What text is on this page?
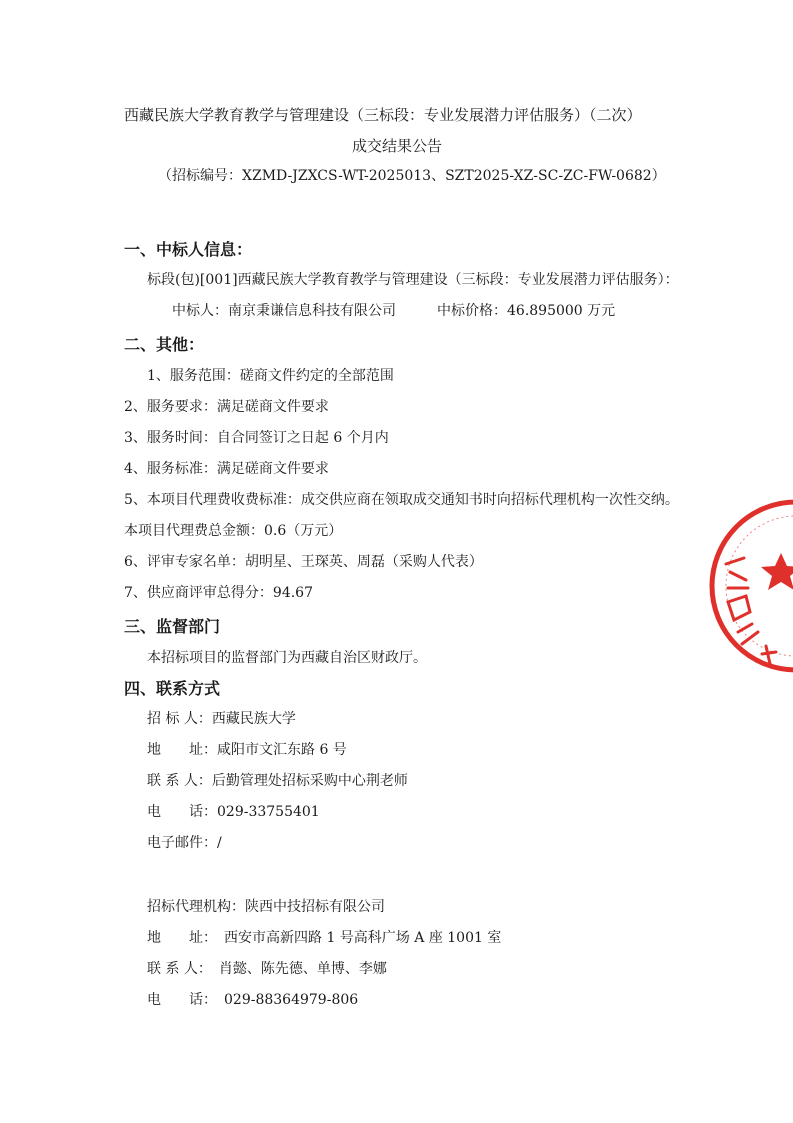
西藏民族大学教育教学与管理建设（三标段：专业发展潜力评估服务）（二次）
成交结果公告
（招标编号：XZMD-JZXCS-WT-2025013、SZT2025-XZ-SC-ZC-FW-0682）
一、中标人信息：
标段(包)[001]西藏民族大学教育教学与管理建设（三标段：专业发展潜力评估服务）：
中标人：南京秉谦信息科技有限公司	中标价格：46.895000 万元
二、其他：
1、服务范围：磋商文件约定的全部范围
2、服务要求：满足磋商文件要求
3、服务时间：自合同签订之日起 6 个月内
4、服务标准：满足磋商文件要求
5、本项目代理费收费标准：成交供应商在领取成交通知书时向招标代理机构一次性交纳。
本项目代理费总金额：0.6（万元）
6、评审专家名单：胡明星、王琛英、周磊（采购人代表）
7、供应商评审总得分：94.67
三、监督部门
本招标项目的监督部门为西藏自治区财政厅。
四、联系方式
招 标 人：西藏民族大学
地　　址：咸阳市文汇东路 6 号
联 系 人：后勤管理处招标采购中心荆老师
电　　话：029-33755401
电子邮件：/
招标代理机构：陕西中技招标有限公司
地　　址：　西安市高新四路 1 号高科广场 A 座 1001 室
联 系 人：　肖懿、陈先德、单博、李娜
电　　话：　029-88364979-806
